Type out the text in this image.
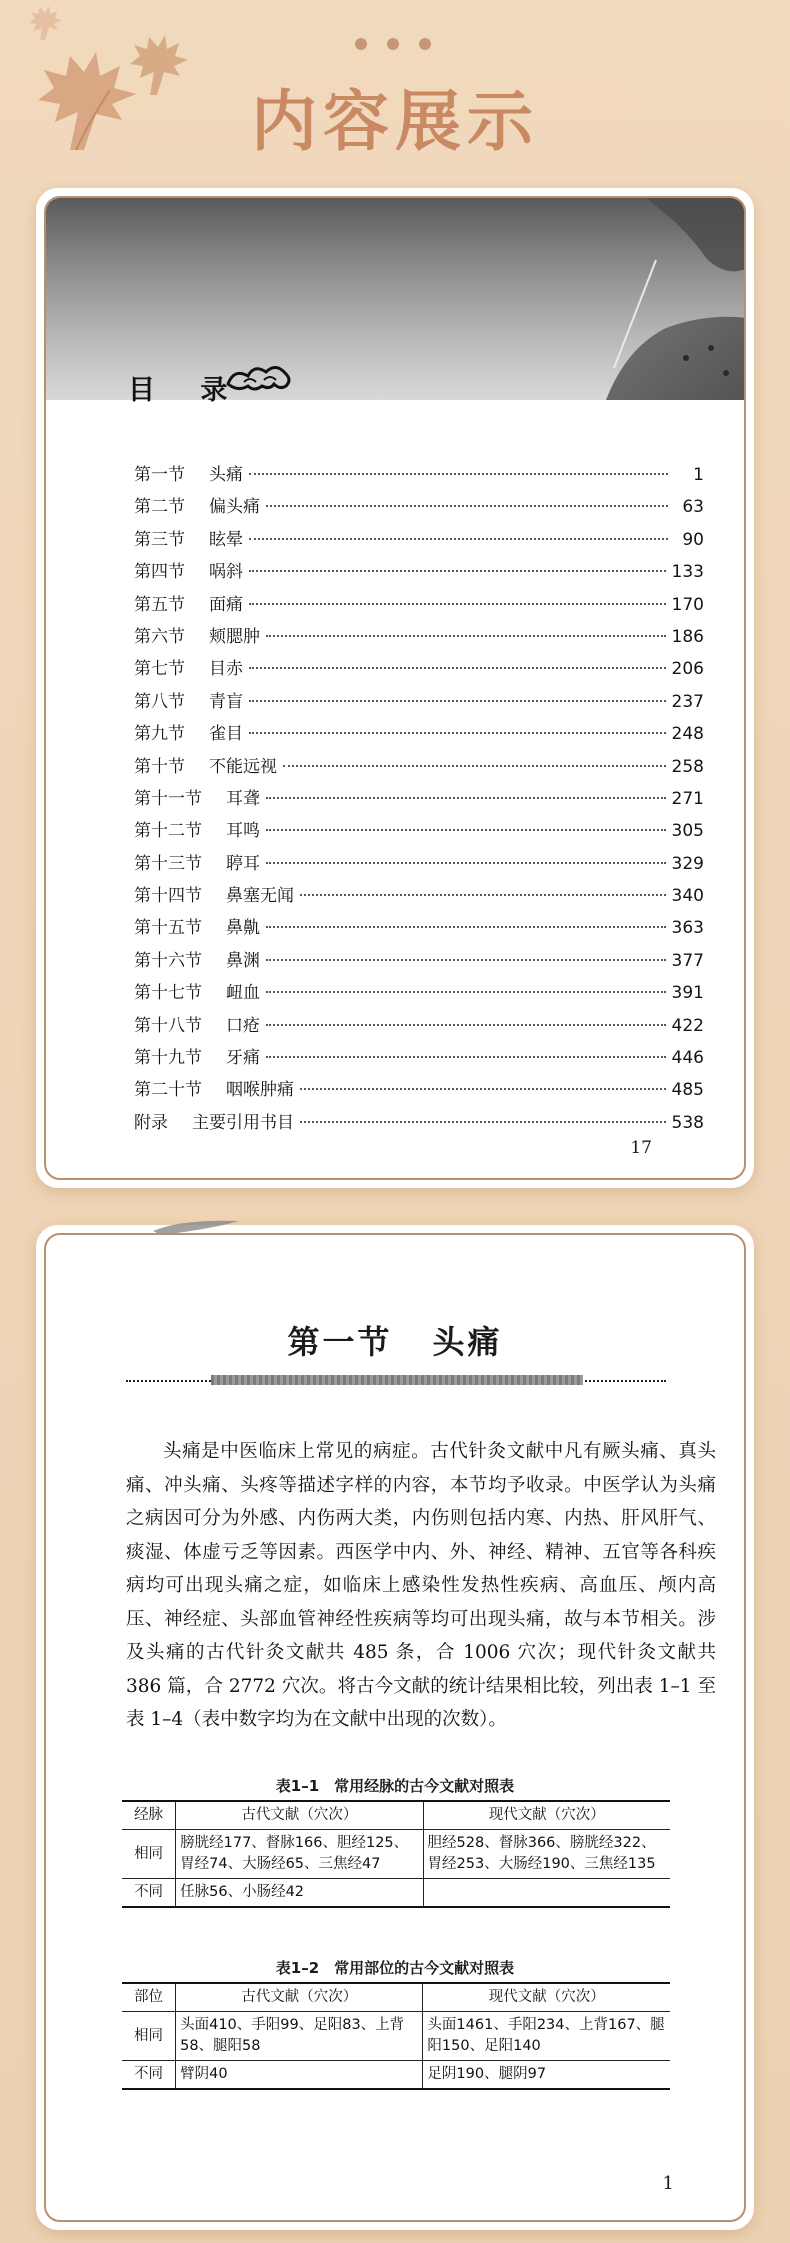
内容展示
目 录
第一节 头痛	1
第二节 偏头痛	63
第三节 眩晕	90
第四节 㖞斜	133
第五节 面痛	170
第六节 颊腮肿	186
第七节 目赤	206
第八节 青盲	237
第九节 雀目	248
第十节 不能远视	258
第十一节 耳聋	271
第十二节 耳鸣	305
第十三节 聤耳	329
第十四节 鼻塞无闻	340
第十五节 鼻鼽	363
第十六节 鼻渊	377
第十七节 衄血	391
第十八节 口疮	422
第十九节 牙痛	446
第二十节 咽喉肿痛	485
附录 主要引用书目	538
17
第一节 头痛
头痛是中医临床上常见的病症。古代针灸文献中凡有厥头痛、真头痛、冲头痛、头疼等描述字样的内容，本节均予收录。中医学认为头痛之病因可分为外感、内伤两大类，内伤则包括内寒、内热、肝风肝气、痰湿、体虚亏乏等因素。西医学中内、外、神经、精神、五官等各科疾病均可出现头痛之症，如临床上感染性发热性疾病、高血压、颅内高压、神经症、头部血管神经性疾病等均可出现头痛，故与本节相关。涉及头痛的古代针灸文献共 485 条，合 1006 穴次；现代针灸文献共 386 篇，合 2772 穴次。将古今文献的统计结果相比较，列出表 1–1 至表 1–4（表中数字均为在文献中出现的次数）。
表1–1　常用经脉的古今文献对照表
经脉	古代文献（穴次）	现代文献（穴次）
相同	膀胱经177、督脉166、胆经125、胃经74、大肠经65、三焦经47	胆经528、督脉366、膀胱经322、胃经253、大肠经190、三焦经135
不同	任脉56、小肠经42	
表1–2　常用部位的古今文献对照表
部位	古代文献（穴次）	现代文献（穴次）
相同	头面410、手阳99、足阳83、上背58、腿阳58	头面1461、手阳234、上背167、腿阳150、足阳140
不同	臂阴40	足阴190、腿阴97
1
